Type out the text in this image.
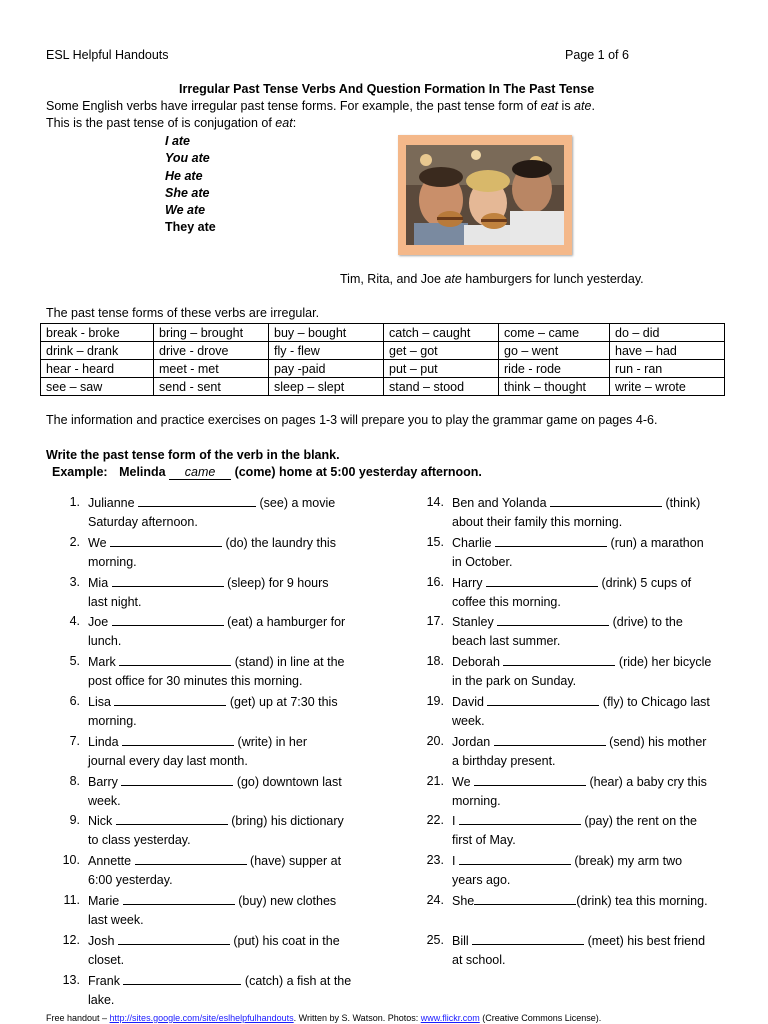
ESL Helpful Handouts	Page 1 of 6
Irregular Past Tense Verbs And Question Formation In The Past Tense
Some English verbs have irregular past tense forms. For example, the past tense form of eat is ate.
This is the past tense of is conjugation of eat:
I ate
You ate
He ate
She ate
We ate
They ate
Tim, Rita, and Joe ate hamburgers for lunch yesterday.
The past tense forms of these verbs are irregular.
break - broke	bring – brought	buy – bought	catch – caught	come – came	do – did
drink – drank	drive - drove	fly - flew	get – got	go – went	have – had
hear - heard	meet - met	pay -paid	put – put	ride - rode	run - ran
see – saw	send - sent	sleep – slept	stand – stood	think – thought	write – wrote
The information and practice exercises on pages 1-3 will prepare you to play the grammar game on pages 4-6.
Write the past tense form of the verb in the blank.
Example: Melinda came (come) home at 5:00 yesterday afternoon.
1. Julianne	(see) a movie
Saturday afternoon.
2. We	(do) the laundry this
morning.
3. Mia	(sleep) for 9 hours
last night.
4. Joe	(eat) a hamburger for
lunch.
5. Mark	(stand) in line at the
post office for 30 minutes this morning.
6. Lisa	(get) up at 7:30 this
morning.
7. Linda	(write) in her
journal every day last month.
8. Barry	(go) downtown last
week.
9. Nick	(bring) his dictionary
to class yesterday.
10. Annette	(have) supper at
6:00 yesterday.
11. Marie	(buy) new clothes
last week.
12. Josh	(put) his coat in the
closet.
13. Frank	(catch) a fish at the
lake.
14. Ben and Yolanda	(think)
about their family this morning.
15. Charlie	(run) a marathon
in October.
16. Harry	(drink) 5 cups of
coffee this morning.
17. Stanley	(drive) to the
beach last summer.
18. Deborah	(ride) her bicycle
in the park on Sunday.
19. David	(fly) to Chicago last
week.
20. Jordan	(send) his mother
a birthday present.
21. We	(hear) a baby cry this
morning.
22. I	(pay) the rent on the
first of May.
23. I	(break) my arm two
years ago.
24. She	(drink) tea this morning.
25. Bill	(meet) his best friend
at school.
Free handout – http://sites.google.com/site/eslhelpfulhandouts. Written by S. Watson. Photos: www.flickr.com (Creative Commons License).
